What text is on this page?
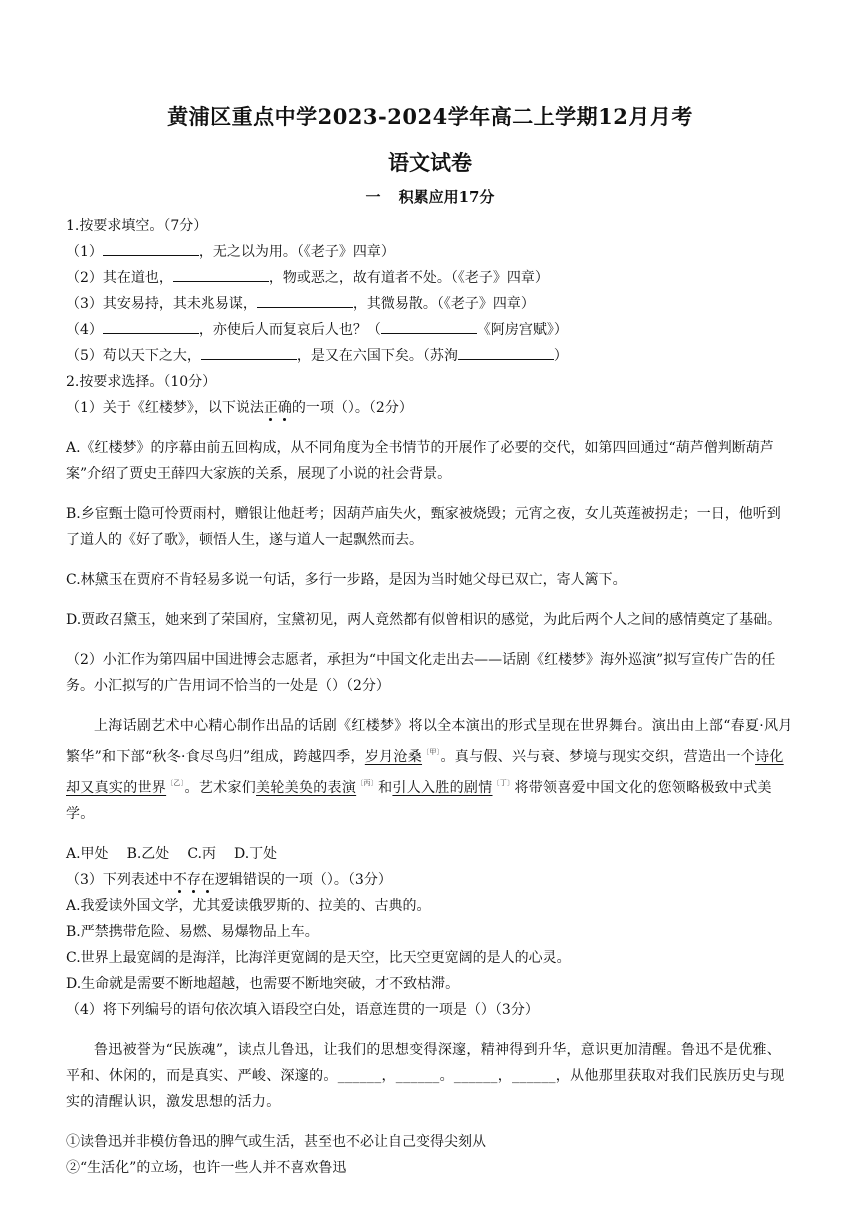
黄浦区重点中学2023-2024学年高二上学期12月月考
语文试卷
一 积累应用17分

1.按要求填空。（7分）

（1）	，无之以为用。（《老子》四章）

（2）其在道也，	，物或恶之，故有道者不处。（《老子》四章）

（3）其安易持，其未兆易谋，	，其微易散。（《老子》四章）

（4）	，亦使后人而复哀后人也？（	《阿房宫赋》）

（5）苟以天下之大，	，是又在六国下矣。（苏洵	）

2.按要求选择。（10分）

（1）关于《红楼梦》，以下说法正确的一项（）。（2分）

A.《红楼梦》的序幕由前五回构成，从不同角度为全书情节的开展作了必要的交代，如第四回通过“葫芦僧判断葫芦案”介绍了贾史王薛四大家族的关系，展现了小说的社会背景。

B.乡宦甄士隐可怜贾雨村，赠银让他赶考；因葫芦庙失火，甄家被烧毁；元宵之夜，女儿英莲被拐走；一日，他听到了道人的《好了歌》，顿悟人生，遂与道人一起飘然而去。

C.林黛玉在贾府不肯轻易多说一句话，多行一步路，是因为当时她父母已双亡，寄人篱下。

D.贾政召黛玉，她来到了荣国府，宝黛初见，两人竟然都有似曾相识的感觉，为此后两个人之间的感情奠定了基础。

（2）小汇作为第四届中国进博会志愿者，承担为“中国文化走出去——话剧《红楼梦》海外巡演”拟写宣传广告的任务。小汇拟写的广告用词不恰当的一处是（）（2分）

上海话剧艺术中心精心制作出品的话剧《红楼梦》将以全本演出的形式呈现在世界舞台。演出由上部“春夏·风月繁华”和下部“秋冬·食尽鸟归”组成，跨越四季，岁月沧桑$^{〔甲〕}$。真与假、兴与衰、梦境与现实交织，营造出一个诗化却又真实的世界$^{〔乙〕}$。艺术家们美轮美奂的表演$^{〔丙〕}$和引人入胜的剧情$^{〔丁〕}$将带领喜爱中国文化的您领略极致中式美学。

A.甲处 B.乙处 C.丙 D.丁处

（3）下列表述中不存在逻辑错误的一项（）。（3分）

A.我爱读外国文学，尤其爱读俄罗斯的、拉美的、古典的。

B.严禁携带危险、易燃、易爆物品上车。

C.世界上最宽阔的是海洋，比海洋更宽阔的是天空，比天空更宽阔的是人的心灵。

D.生命就是需要不断地超越，也需要不断地突破，才不致枯滞。

（4）将下列编号的语句依次填入语段空白处，语意连贯的一项是（）（3分）

鲁迅被誉为“民族魂”，读点儿鲁迅，让我们的思想变得深邃，精神得到升华，意识更加清醒。鲁迅不是优雅、平和、休闲的，而是真实、严峻、深邃的。______，______。______，______，从他那里获取对我们民族历史与现实的清醒认识，激发思想的活力。

①读鲁迅并非模仿鲁迅的脾气或生活，甚至也不必让自己变得尖刻从

②“生活化”的立场，也许一些人并不喜欢鲁迅
